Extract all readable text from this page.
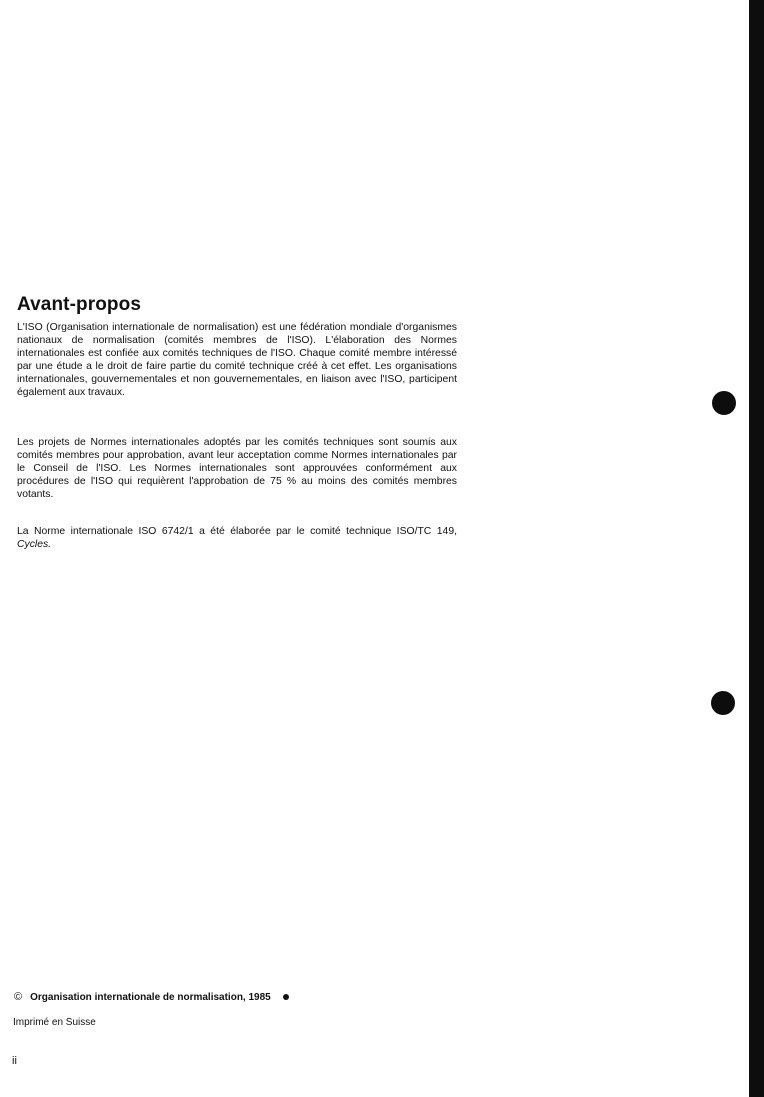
Avant-propos

L'ISO (Organisation internationale de normalisation) est une fédération mondiale d'organismes nationaux de normalisation (comités membres de l'ISO). L'élaboration des Normes internationales est confiée aux comités techniques de l'ISO. Chaque comité membre intéressé par une étude a le droit de faire partie du comité technique créé à cet effet. Les organisations internationales, gouvernementales et non gouvernementales, en liaison avec l'ISO, participent également aux travaux.

Les projets de Normes internationales adoptés par les comités techniques sont soumis aux comités membres pour approbation, avant leur acceptation comme Normes internationales par le Conseil de l'ISO. Les Normes internationales sont approuvées conformément aux procédures de l'ISO qui requièrent l'approbation de 75 % au moins des comités membres votants.

La Norme internationale ISO 6742/1 a été élaborée par le comité technique ISO/TC 149, Cycles.

© Organisation internationale de normalisation, 1985

Imprimé en Suisse

ii
